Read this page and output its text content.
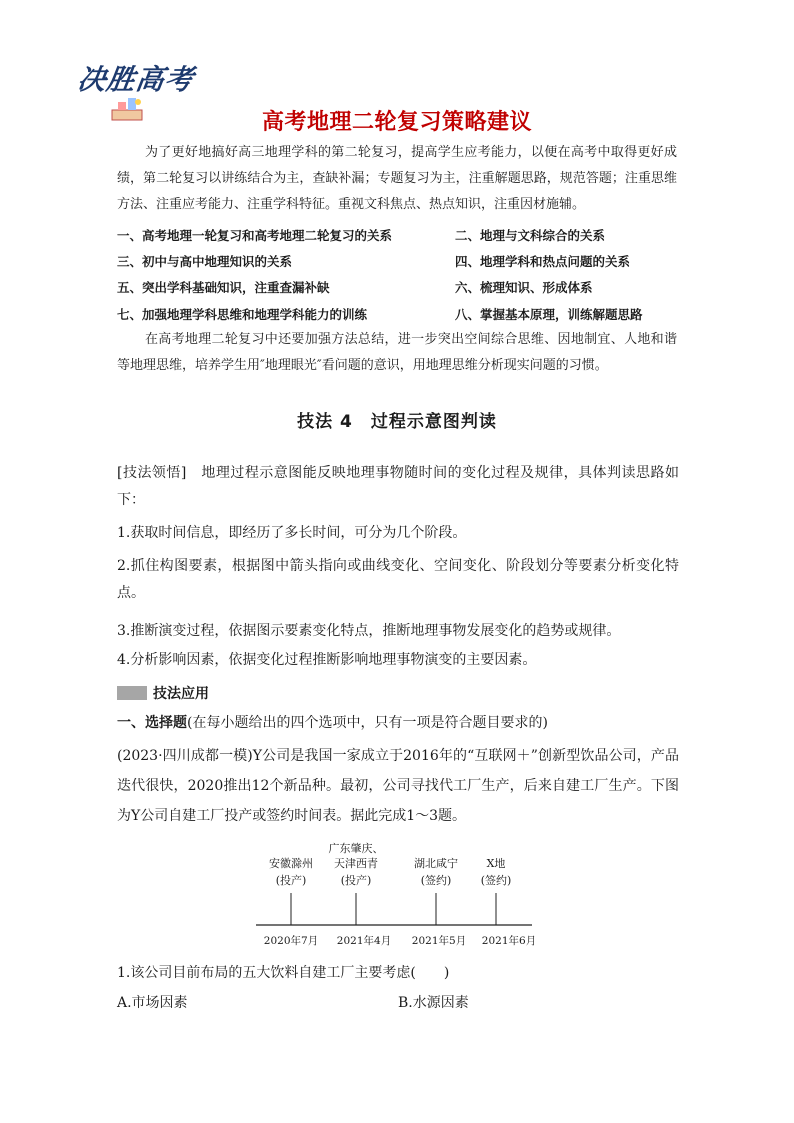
决胜高考
高考地理二轮复习策略建议

为了更好地搞好高三地理学科的第二轮复习，提高学生应考能力，以便在高考中取得更好成绩，第二轮复习以讲练结合为主，查缺补漏；专题复习为主，注重解题思路，规范答题；注重思维方法、注重应考能力、注重学科特征。重视文科焦点、热点知识，注重因材施辅。

一、高考地理一轮复习和高考地理二轮复习的关系	二、地理与文科综合的关系
三、初中与高中地理知识的关系	四、地理学科和热点问题的关系
五、突出学科基础知识，注重查漏补缺	六、梳理知识、形成体系
七、加强地理学科思维和地理学科能力的训练	八、掌握基本原理，训练解题思路

在高考地理二轮复习中还要加强方法总结，进一步突出空间综合思维、因地制宜、人地和谐等地理思维，培养学生用″地理眼光″看问题的意识，用地理思维分析现实问题的习惯。

技法 4　过程示意图判读

[技法领悟]　地理过程示意图能反映地理事物随时间的变化过程及规律，具体判读思路如下：

1.获取时间信息，即经历了多长时间，可分为几个阶段。

2.抓住构图要素，根据图中箭头指向或曲线变化、空间变化、阶段划分等要素分析变化特点。

3.推断演变过程，依据图示要素变化特点，推断地理事物发展变化的趋势或规律。

4.分析影响因素，依据变化过程推断影响地理事物演变的主要因素。

技法应用
一、选择题(在每小题给出的四个选项中，只有一项是符合题目要求的)

(2023·四川成都一模)Y公司是我国一家成立于2016年的“互联网＋”创新型饮品公司，产品迭代很快，2020推出12个新品种。最初，公司寻找代工厂生产，后来自建工厂生产。下图为Y公司自建工厂投产或签约时间表。据此完成1～3题。

安徽滁州
(投产)
广东肇庆、
天津西青
(投产)
湖北咸宁
(签约)
X地
(签约)
2020年7月 2021年4月 2021年5月 2021年6月
1.该公司目前布局的五大饮料自建工厂主要考虑(　　)
A.市场因素	B.水源因素
